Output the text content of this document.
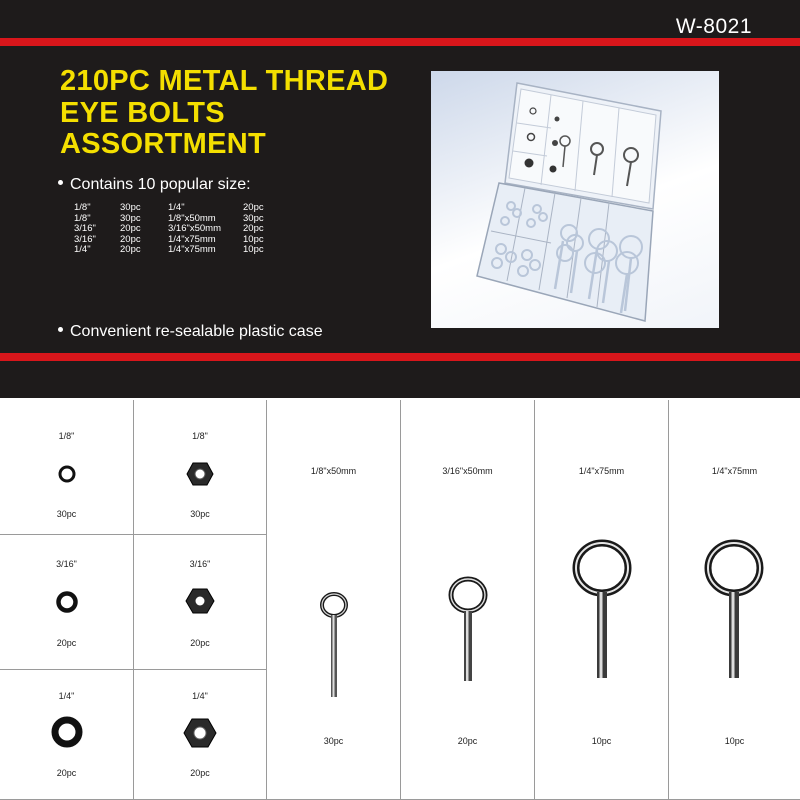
W-8021
210PC METAL THREAD
EYE BOLTS
ASSORTMENT
Contains 10 popular size:
1/8"	30pc	1/4"	20pc
1/8"	30pc	1/8"x50mm	30pc
3/16"	20pc	3/16"x50mm	20pc
3/16"	20pc	1/4"x75mm	10pc
1/4"	20pc	1/4"x75mm	10pc
Convenient re-sealable plastic case
1/8"
30pc
3/16"
20pc
1/4"
20pc
1/8"
30pc
3/16"
20pc
1/4"
20pc
1/8"x50mm
30pc
3/16"x50mm
20pc
1/4"x75mm
10pc
1/4"x75mm
10pc
